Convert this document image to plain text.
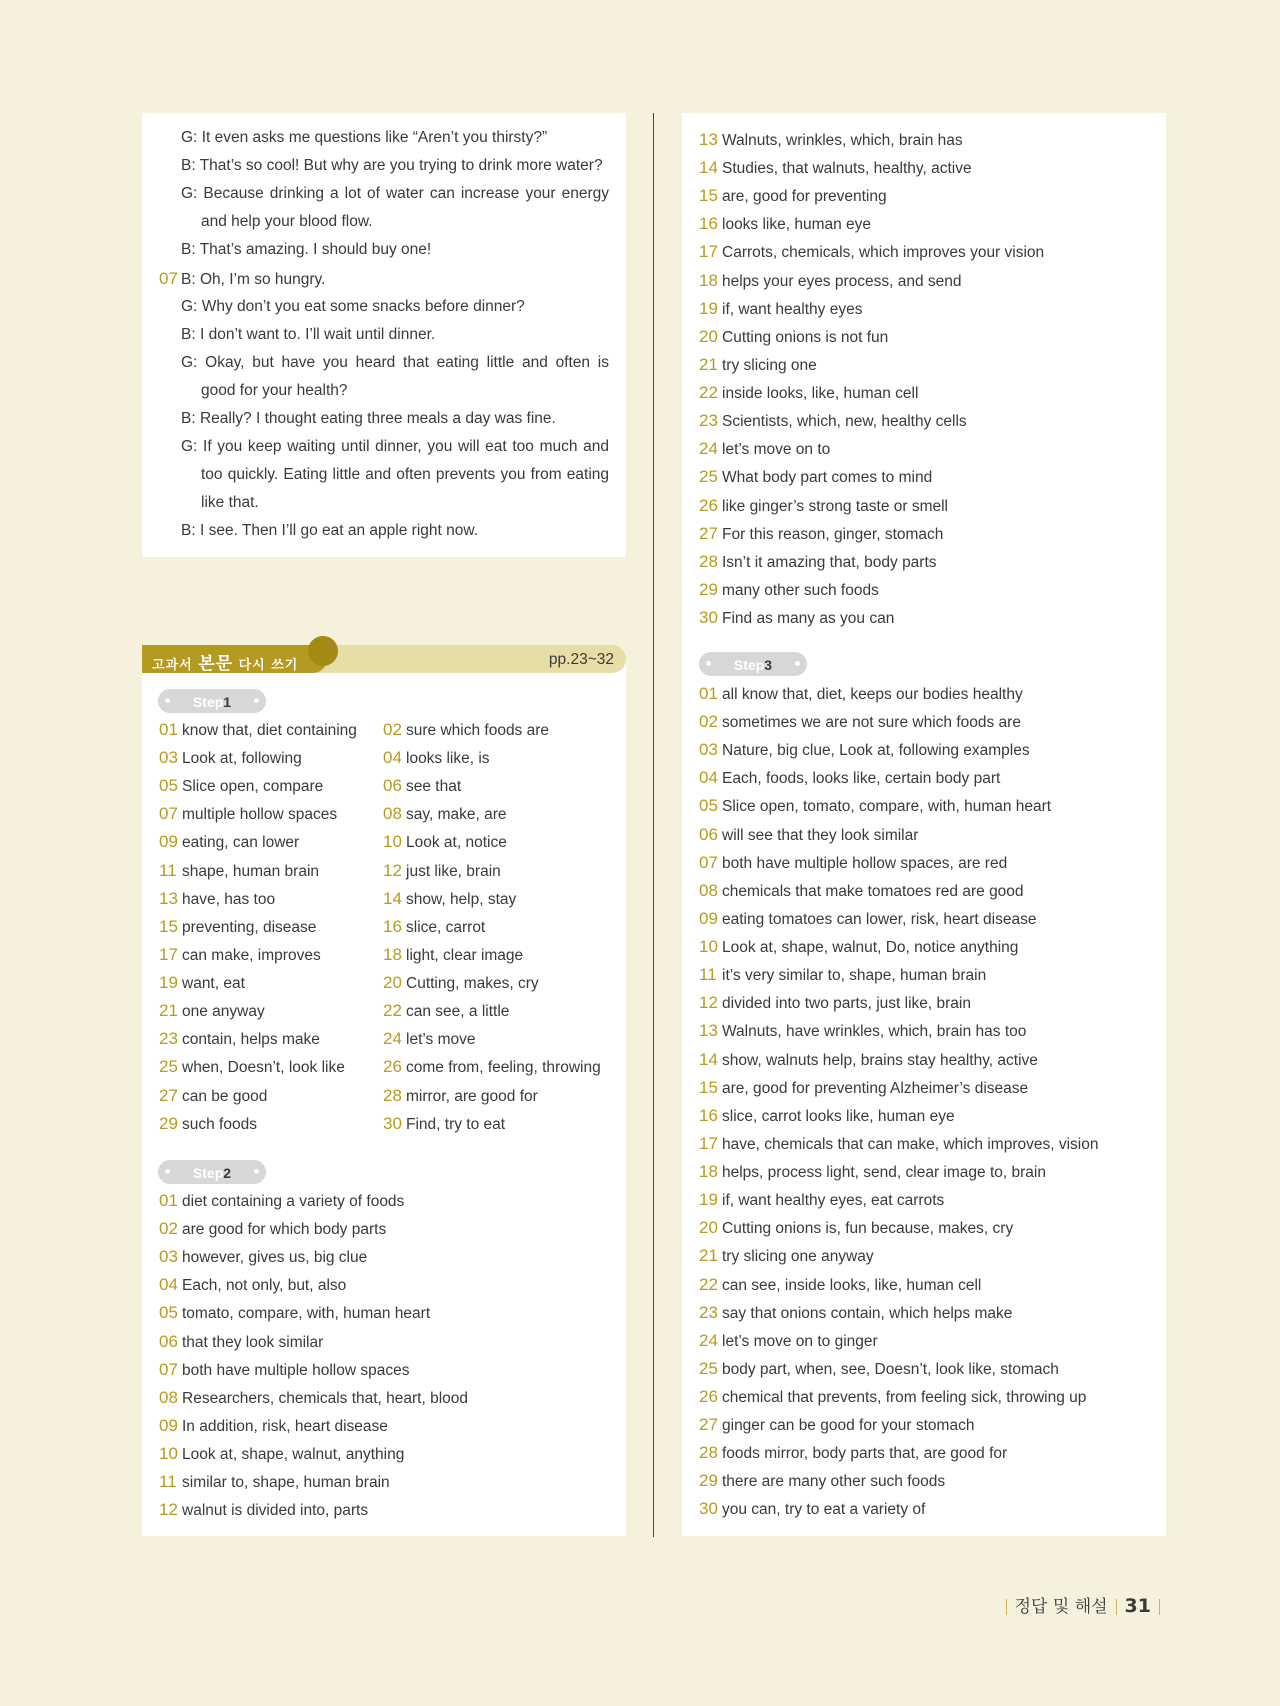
G: It even asks me questions like “Aren’t you thirsty?”
B: That’s so cool! But why are you trying to drink more water?
G: Because drinking a lot of water can increase your energy
and help your blood flow.
B: That’s amazing. I should buy one!
07 B: Oh, I’m so hungry.
G: Why don’t you eat some snacks before dinner?
B: I don’t want to. I’ll wait until dinner.
G: Okay, but have you heard that eating little and often is
good for your health?
B: Really? I thought eating three meals a day was fine.
G: If you keep waiting until dinner, you will eat too much and
too quickly. Eating little and often prevents you from eating
like that.
B: I see. Then I’ll go eat an apple right now.
고과서 본문 다시 쓰기	pp.23~32
Step1
Step2
Step3
01 know that, diet containing 02 sure which foods are
03 Look at, following	04 looks like, is
05 Slice open, compare	06 see that
07 multiple hollow spaces	08 say, make, are
09 eating, can lower	10 Look at, notice
11 shape, human brain	12 just like, brain
13 have, has too	14 show, help, stay
15 preventing, disease	16 slice, carrot
17 can make, improves	18 light, clear image
19 want, eat	20 Cutting, makes, cry
21 one anyway	22 can see, a little
23 contain, helps make	24 let’s move
25 when, Doesn’t, look like 26 come from, feeling, throwing
27 can be good	28 mirror, are good for
29 such foods	30 Find, try to eat
01 diet containing a variety of foods
02 are good for which body parts
03 however, gives us, big clue
04 Each, not only, but, also
05 tomato, compare, with, human heart
06 that they look similar
07 both have multiple hollow spaces
08 Researchers, chemicals that, heart, blood
09 In addition, risk, heart disease
10 Look at, shape, walnut, anything
11 similar to, shape, human brain
12 walnut is divided into, parts
13 Walnuts, wrinkles, which, brain has
14 Studies, that walnuts, healthy, active
15 are, good for preventing
16 looks like, human eye
17 Carrots, chemicals, which improves your vision
18 helps your eyes process, and send
19 if, want healthy eyes
20 Cutting onions is not fun
21 try slicing one
22 inside looks, like, human cell
23 Scientists, which, new, healthy cells
24 let’s move on to
25 What body part comes to mind
26 like ginger’s strong taste or smell
27 For this reason, ginger, stomach
28 Isn’t it amazing that, body parts
29 many other such foods
30 Find as many as you can
01 all know that, diet, keeps our bodies healthy
02 sometimes we are not sure which foods are
03 Nature, big clue, Look at, following examples
04 Each, foods, looks like, certain body part
05 Slice open, tomato, compare, with, human heart
06 will see that they look similar
07 both have multiple hollow spaces, are red
08 chemicals that make tomatoes red are good
09 eating tomatoes can lower, risk, heart disease
10 Look at, shape, walnut, Do, notice anything
11 it’s very similar to, shape, human brain
12 divided into two parts, just like, brain
13 Walnuts, have wrinkles, which, brain has too
14 show, walnuts help, brains stay healthy, active
15 are, good for preventing Alzheimer’s disease
16 slice, carrot looks like, human eye
17 have, chemicals that can make, which improves, vision
18 helps, process light, send, clear image to, brain
19 if, want healthy eyes, eat carrots
20 Cutting onions is, fun because, makes, cry
21 try slicing one anyway
22 can see, inside looks, like, human cell
23 say that onions contain, which helps make
24 let’s move on to ginger
25 body part, when, see, Doesn’t, look like, stomach
26 chemical that prevents, from feeling sick, throwing up
27 ginger can be good for your stomach
28 foods mirror, body parts that, are good for
29 there are many other such foods
30 you can, try to eat a variety of
정답 및 해설 31
